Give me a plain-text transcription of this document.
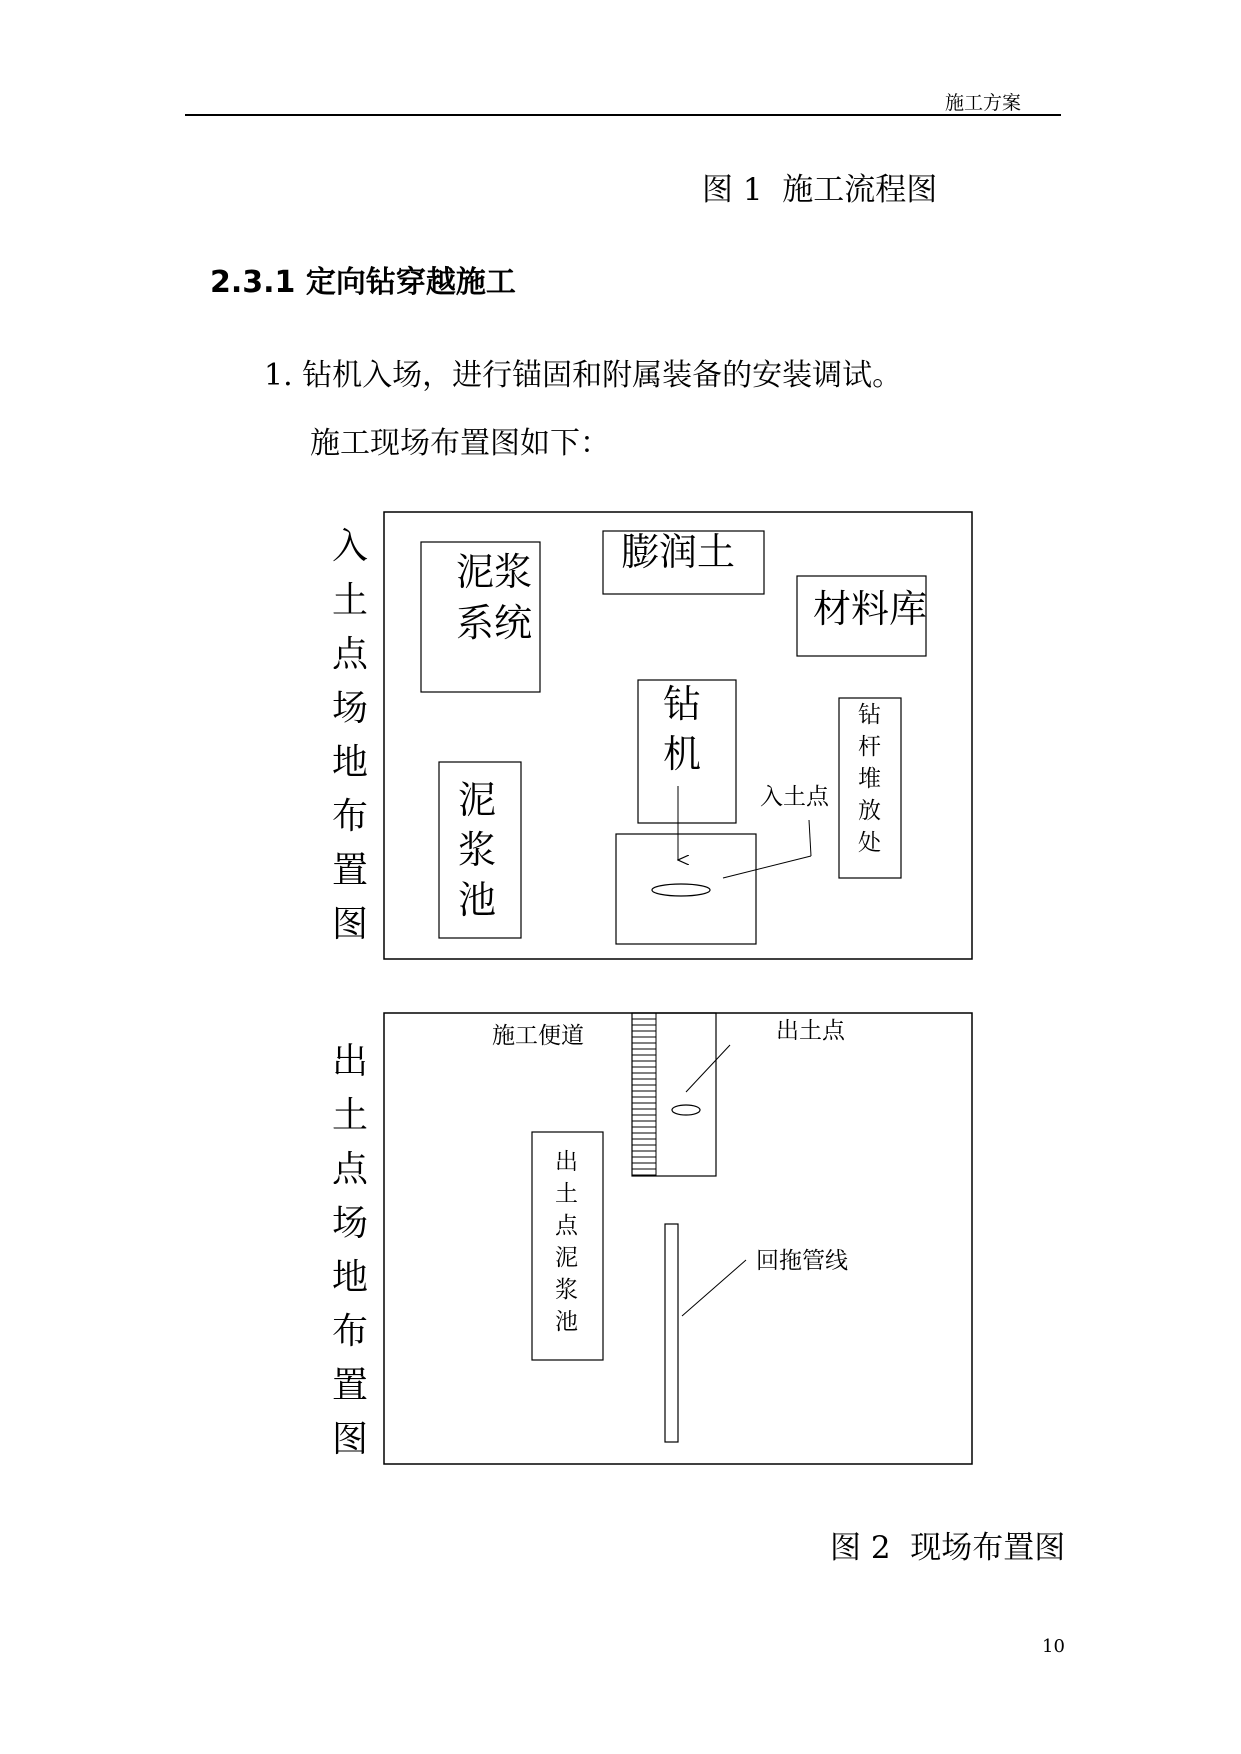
施工方案
图 1  施工流程图
2.3.1 定向钻穿越施工
1. 钻机入场，进行锚固和附属装备的安装调试。
施工现场布置图如下：
入
土
点
场
地
布
置
图
出
土
点
场
地
布
置
图
泥浆
系统
膨润土
材料库
钻
机
钻
杆
堆
放
处
入土点
泥
浆
池
施工便道	出土点
出
土
点
泥
浆
池
回拖管线
图 2  现场布置图
10
